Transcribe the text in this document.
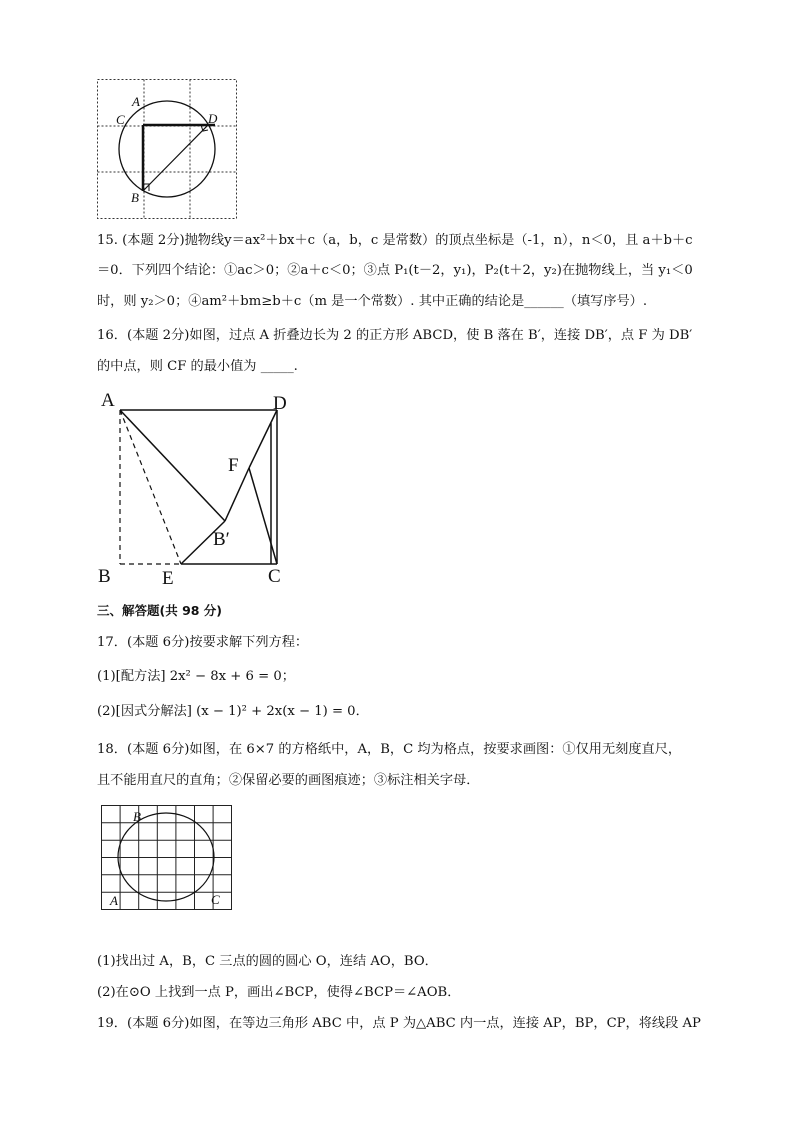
A
C	D
B
15. (本题 2分)抛物线y＝ax²＋bx＋c（a，b，c 是常数）的顶点坐标是（-1，n），n＜0，且 a＋b＋c
＝0．下列四个结论：①ac＞0；②a＋c＜0；③点 P₁(t－2，y₁)，P₂(t＋2，y₂)在抛物线上，当 y₁＜0
时，则 y₂＞0；④am²＋bm≥b＋c（m 是一个常数）. 其中正确的结论是______（填写序号）.
16．(本题 2分)如图，过点 A 折叠边长为 2 的正方形 ABCD，使 B 落在 B′，连接 DB′，点 F 为 DB′
的中点，则 CF 的最小值为 _____.
A	D
F
B′
B	E	C
三、解答题(共 98 分)
17．(本题 6分)按要求解下列方程：
(1)[配方法] 2x² − 8x + 6 = 0；
(2)[因式分解法] (x − 1)² + 2x(x − 1) = 0．
18．(本题 6分)如图，在 6×7 的方格纸中，A，B，C 均为格点，按要求画图：①仅用无刻度直尺，
且不能用直尺的直角；②保留必要的画图痕迹；③标注相关字母．
B
A	C
(1)找出过 A，B，C 三点的圆的圆心 O，连结 AO，BO．
(2)在⊙O 上找到一点 P，画出∠BCP，使得∠BCP＝∠AOB．
19．(本题 6分)如图，在等边三角形 ABC 中，点 P 为△ABC 内一点，连接 AP，BP，CP，将线段 AP
